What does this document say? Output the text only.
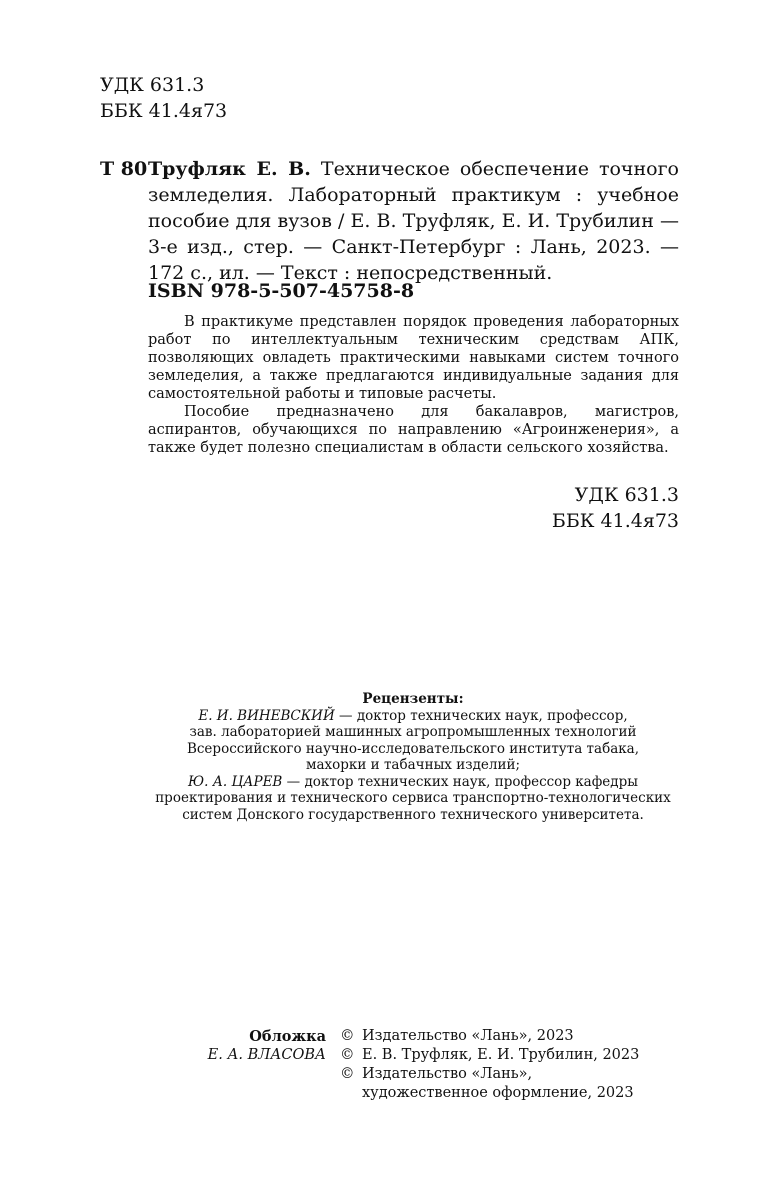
УДК 631.3
ББК 41.4я73
Т 80 Труфляк Е. В. Техническое обеспечение точного земледелия. Лабораторный практикум : учебное пособие для вузов / Е. В. Труфляк, Е. И. Трубилин — 3-е изд., стер. — Санкт-Петербург : Лань, 2023. — 172 с., ил. — Текст : непосредственный.
ISBN 978-5-507-45758-8
В практикуме представлен порядок проведения лабораторных работ по интеллектуальным техническим средствам АПК, позволяющих овладеть практическими навыками систем точного земледелия, а также предлагаются индивидуальные задания для самостоятельной работы и типовые расчеты.
Пособие предназначено для бакалавров, магистров, аспирантов, обучающихся по направлению «Агроинженерия», а также будет полезно специалистам в области сельского хозяйства.
УДК 631.3
ББК 41.4я73
Рецензенты:
Е. И. ВИНЕВСКИЙ — доктор технических наук, профессор,
зав. лабораторией машинных агропромышленных технологий
Всероссийского научно-исследовательского института табака,
махорки и табачных изделий;
Ю. А. ЦАРЕВ — доктор технических наук, профессор кафедры
проектирования и технического сервиса транспортно-технологических
систем Донского государственного технического университета.
Обложка
Е. А. ВЛАСОВА
© Издательство «Лань», 2023
© Е. В. Труфляк, Е. И. Трубилин, 2023
© Издательство «Лань»,
художественное оформление, 2023
